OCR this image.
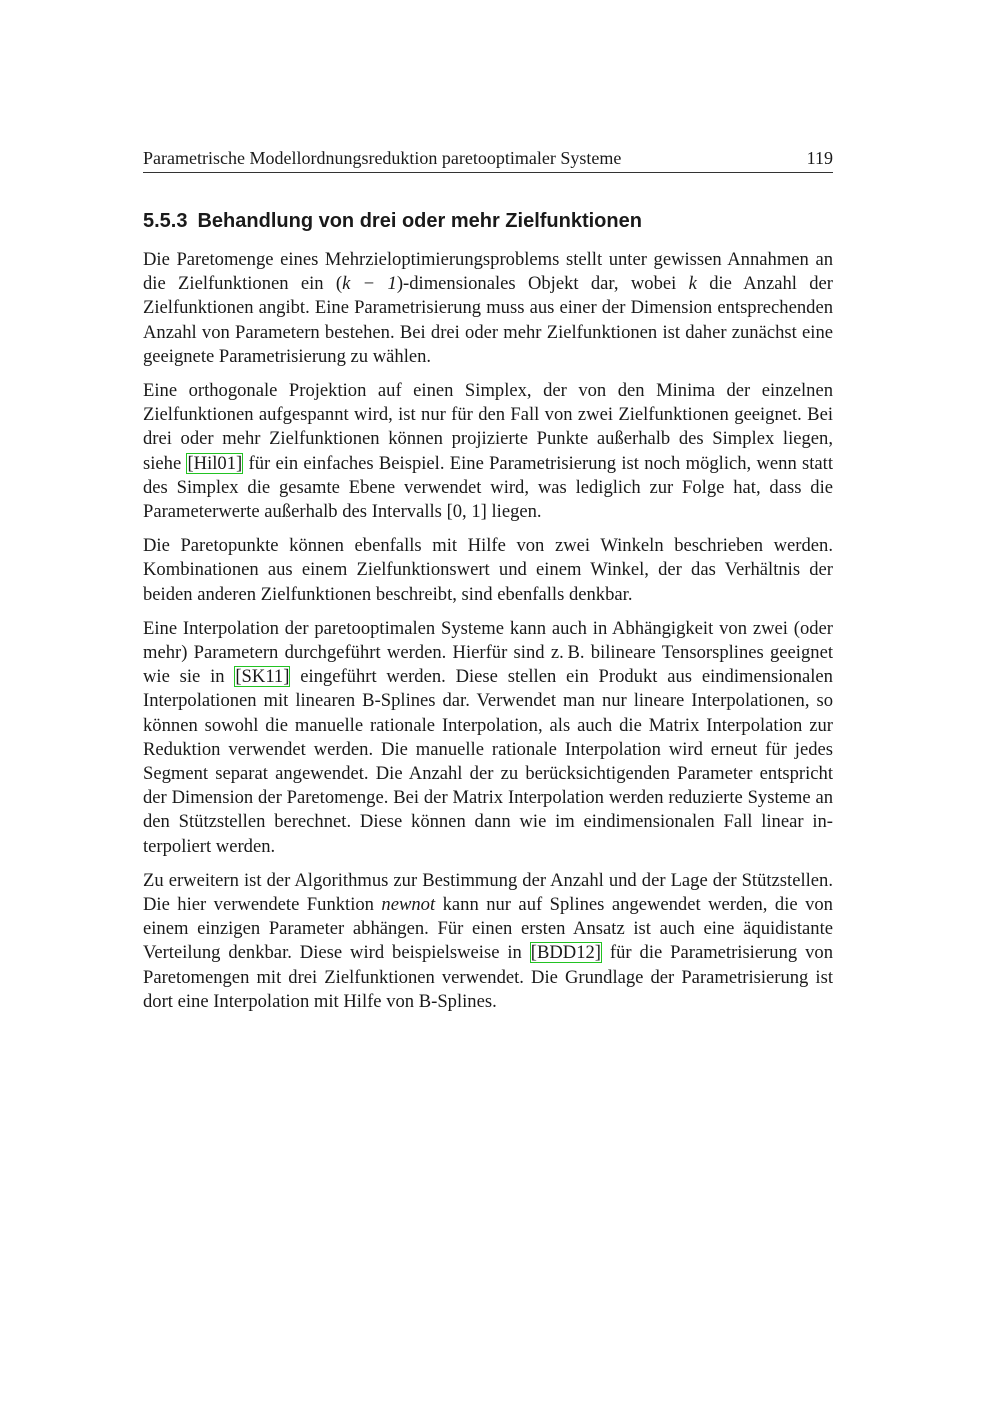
Parametrische Modellordnungsreduktion paretooptimaler Systeme	119
5.5.3 Behandlung von drei oder mehr Zielfunktionen

Die Paretomenge eines Mehrzieloptimierungsproblems stellt unter gewissen Annahmen an die Zielfunktionen ein (k − 1)-dimensionales Objekt dar, wobei k die Anzahl der Zielfunktionen angibt. Eine Parametrisierung muss aus einer der Dimension entsprechenden Anzahl von Parametern bestehen. Bei drei oder mehr Zielfunktionen ist daher zunächst eine geeignete Parametrisierung zu wählen.

Eine orthogonale Projektion auf einen Simplex, der von den Minima der einzelnen Zielfunktionen aufgespannt wird, ist nur für den Fall von zwei Zielfunktionen geeignet. Bei drei oder mehr Zielfunktionen können projizierte Punkte außerhalb des Simplex liegen, siehe [Hil01] für ein einfaches Beispiel. Eine Parametrisierung ist noch möglich, wenn statt des Simplex die gesamte Ebene verwendet wird, was lediglich zur Folge hat, dass die Parameterwerte außerhalb des Intervalls [0, 1] liegen.

Die Paretopunkte können ebenfalls mit Hilfe von zwei Winkeln beschrieben werden. Kombinationen aus einem Zielfunktionswert und einem Winkel, der das Verhältnis der beiden anderen Zielfunktionen beschreibt, sind ebenfalls denkbar.

Eine Interpolation der paretooptimalen Systeme kann auch in Abhängigkeit von zwei (oder mehr) Parametern durchgeführt werden. Hierfür sind z. B. bilineare Tensorsplines geeignet wie sie in [SK11] eingeführt werden. Diese stellen ein Produkt aus eindimensionalen Interpolationen mit linearen B-Splines dar. Verwendet man nur lineare Interpolationen, so können sowohl die manuelle rationale Interpolation, als auch die Matrix Interpolation zur Reduktion verwendet werden. Die manuelle rationale Interpolation wird erneut für jedes Segment separat angewendet. Die Anzahl der zu berücksichtigenden Parameter entspricht der Dimension der Paretomenge. Bei der Matrix Interpolation werden reduzierte Systeme an den Stützstellen berechnet. Diese können dann wie im eindimensionalen Fall linear interpoliert werden.

Zu erweitern ist der Algorithmus zur Bestimmung der Anzahl und der Lage der Stützstellen. Die hier verwendete Funktion newnot kann nur auf Splines angewendet werden, die von einem einzigen Parameter abhängen. Für einen ersten Ansatz ist auch eine äquidistante Verteilung denkbar. Diese wird beispielsweise in [BDD12] für die Parametrisierung von Paretomengen mit drei Zielfunktionen verwendet. Die Grundlage der Parametrisierung ist dort eine Interpolation mit Hilfe von B-Splines.
